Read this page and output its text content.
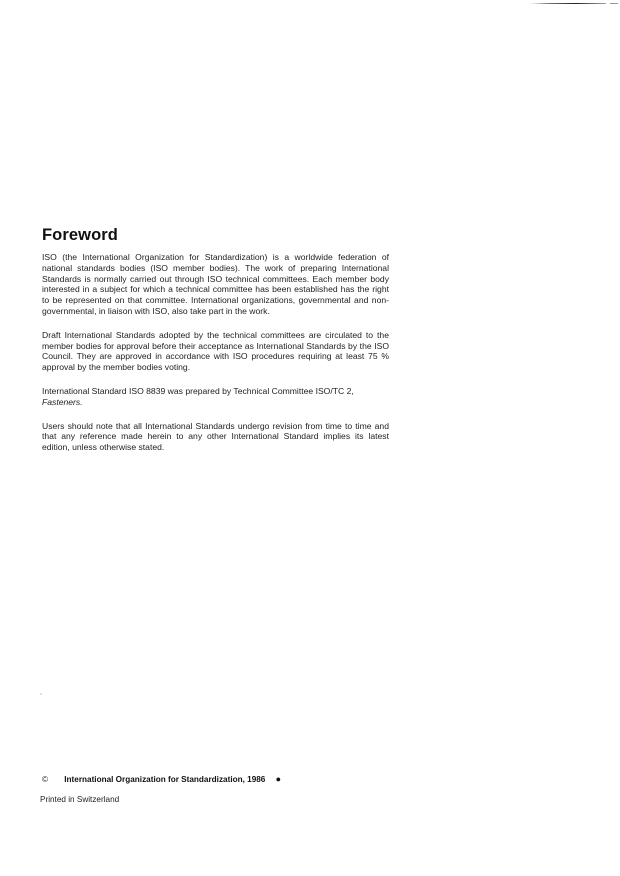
Foreword

ISO (the International Organization for Standardization) is a worldwide federation of national standards bodies (ISO member bodies). The work of preparing International Standards is normally carried out through ISO technical committees. Each member body interested in a subject for which a technical committee has been established has the right to be represented on that committee. International organizations, governmental and non-governmental, in liaison with ISO, also take part in the work.

Draft International Standards adopted by the technical committees are circulated to the member bodies for approval before their acceptance as International Standards by the ISO Council. They are approved in accordance with ISO procedures requiring at least 75 % approval by the member bodies voting.

International Standard ISO 8839 was prepared by Technical Committee ISO/TC 2,
Fasteners.

Users should note that all International Standards undergo revision from time to time and that any reference made herein to any other International Standard implies its latest edition, unless otherwise stated.

© International Organization for Standardization, 1986 ●
Printed in Switzerland
